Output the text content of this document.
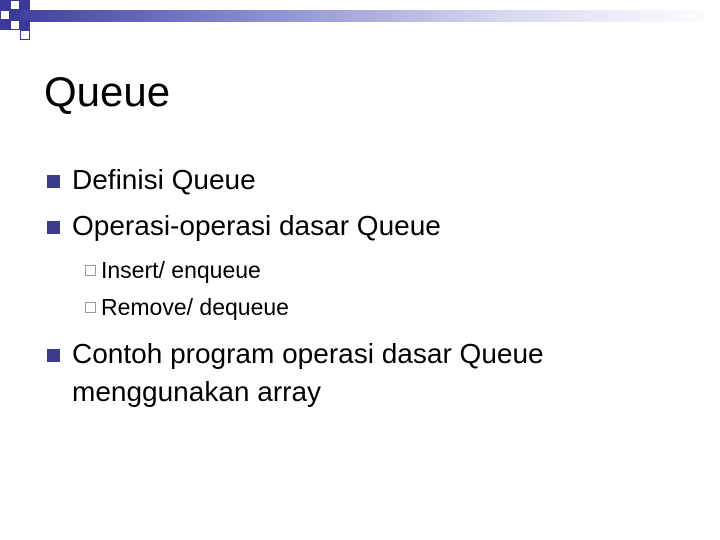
Queue
Definisi Queue
Operasi-operasi dasar Queue
Insert/ enqueue
Remove/ dequeue
Contoh program operasi dasar Queue
menggunakan array
